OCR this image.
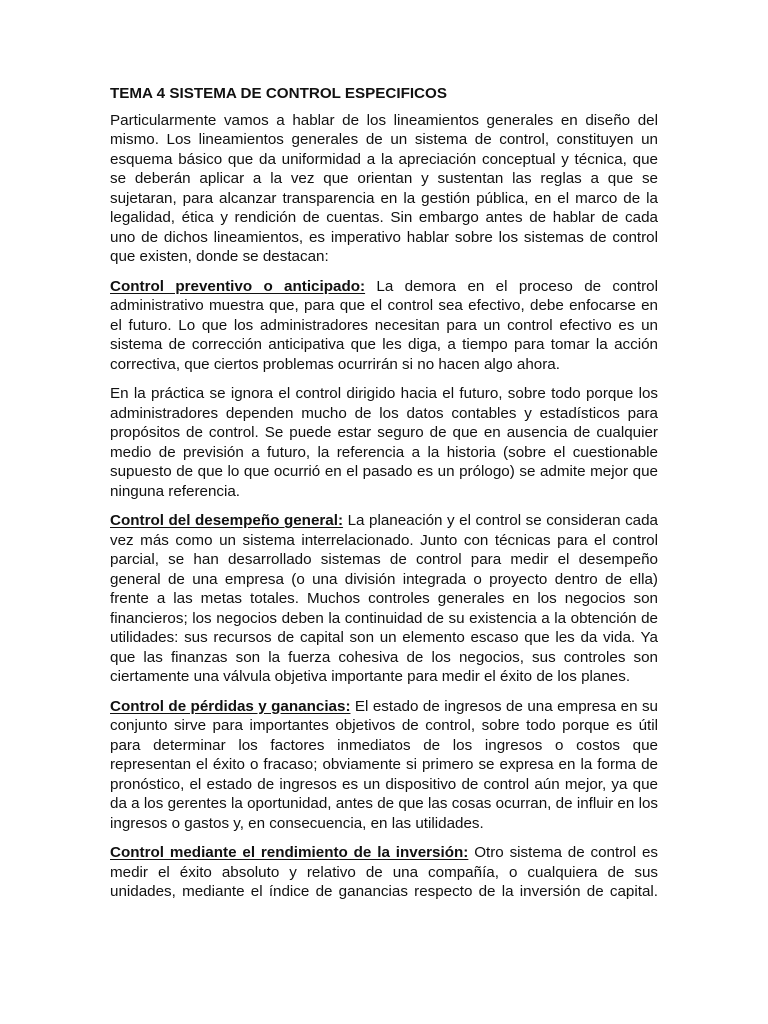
TEMA 4 SISTEMA DE CONTROL ESPECIFICOS

Particularmente vamos a hablar de los lineamientos generales en diseño del mismo. Los lineamientos generales de un sistema de control, constituyen un esquema básico que da uniformidad a la apreciación conceptual y técnica, que se deberán aplicar a la vez que orientan y sustentan las reglas a que se sujetaran, para alcanzar transparencia en la gestión pública, en el marco de la legalidad, ética y rendición de cuentas. Sin embargo antes de hablar de cada uno de dichos lineamientos, es imperativo hablar sobre los sistemas de control que existen, donde se destacan:

Control preventivo o anticipado: La demora en el proceso de control administrativo muestra que, para que el control sea efectivo, debe enfocarse en el futuro. Lo que los administradores necesitan para un control efectivo es un sistema de corrección anticipativa que les diga, a tiempo para tomar la acción correctiva, que ciertos problemas ocurrirán si no hacen algo ahora.

En la práctica se ignora el control dirigido hacia el futuro, sobre todo porque los administradores dependen mucho de los datos contables y estadísticos para propósitos de control. Se puede estar seguro de que en ausencia de cualquier medio de previsión a futuro, la referencia a la historia (sobre el cuestionable supuesto de que lo que ocurrió en el pasado es un prólogo) se admite mejor que ninguna referencia.

Control del desempeño general: La planeación y el control se consideran cada vez más como un sistema interrelacionado. Junto con técnicas para el control parcial, se han desarrollado sistemas de control para medir el desempeño general de una empresa (o una división integrada o proyecto dentro de ella) frente a las metas totales. Muchos controles generales en los negocios son financieros; los negocios deben la continuidad de su existencia a la obtención de utilidades: sus recursos de capital son un elemento escaso que les da vida. Ya que las finanzas son la fuerza cohesiva de los negocios, sus controles son ciertamente una válvula objetiva importante para medir el éxito de los planes.

Control de pérdidas y ganancias: El estado de ingresos de una empresa en su conjunto sirve para importantes objetivos de control, sobre todo porque es útil para determinar los factores inmediatos de los ingresos o costos que representan el éxito o fracaso; obviamente si primero se expresa en la forma de pronóstico, el estado de ingresos es un dispositivo de control aún mejor, ya que da a los gerentes la oportunidad, antes de que las cosas ocurran, de influir en los ingresos o gastos y, en consecuencia, en las utilidades.

Control mediante el rendimiento de la inversión: Otro sistema de control es medir el éxito absoluto y relativo de una compañía, o cualquiera de sus unidades, mediante el índice de ganancias respecto de la inversión de capital.
